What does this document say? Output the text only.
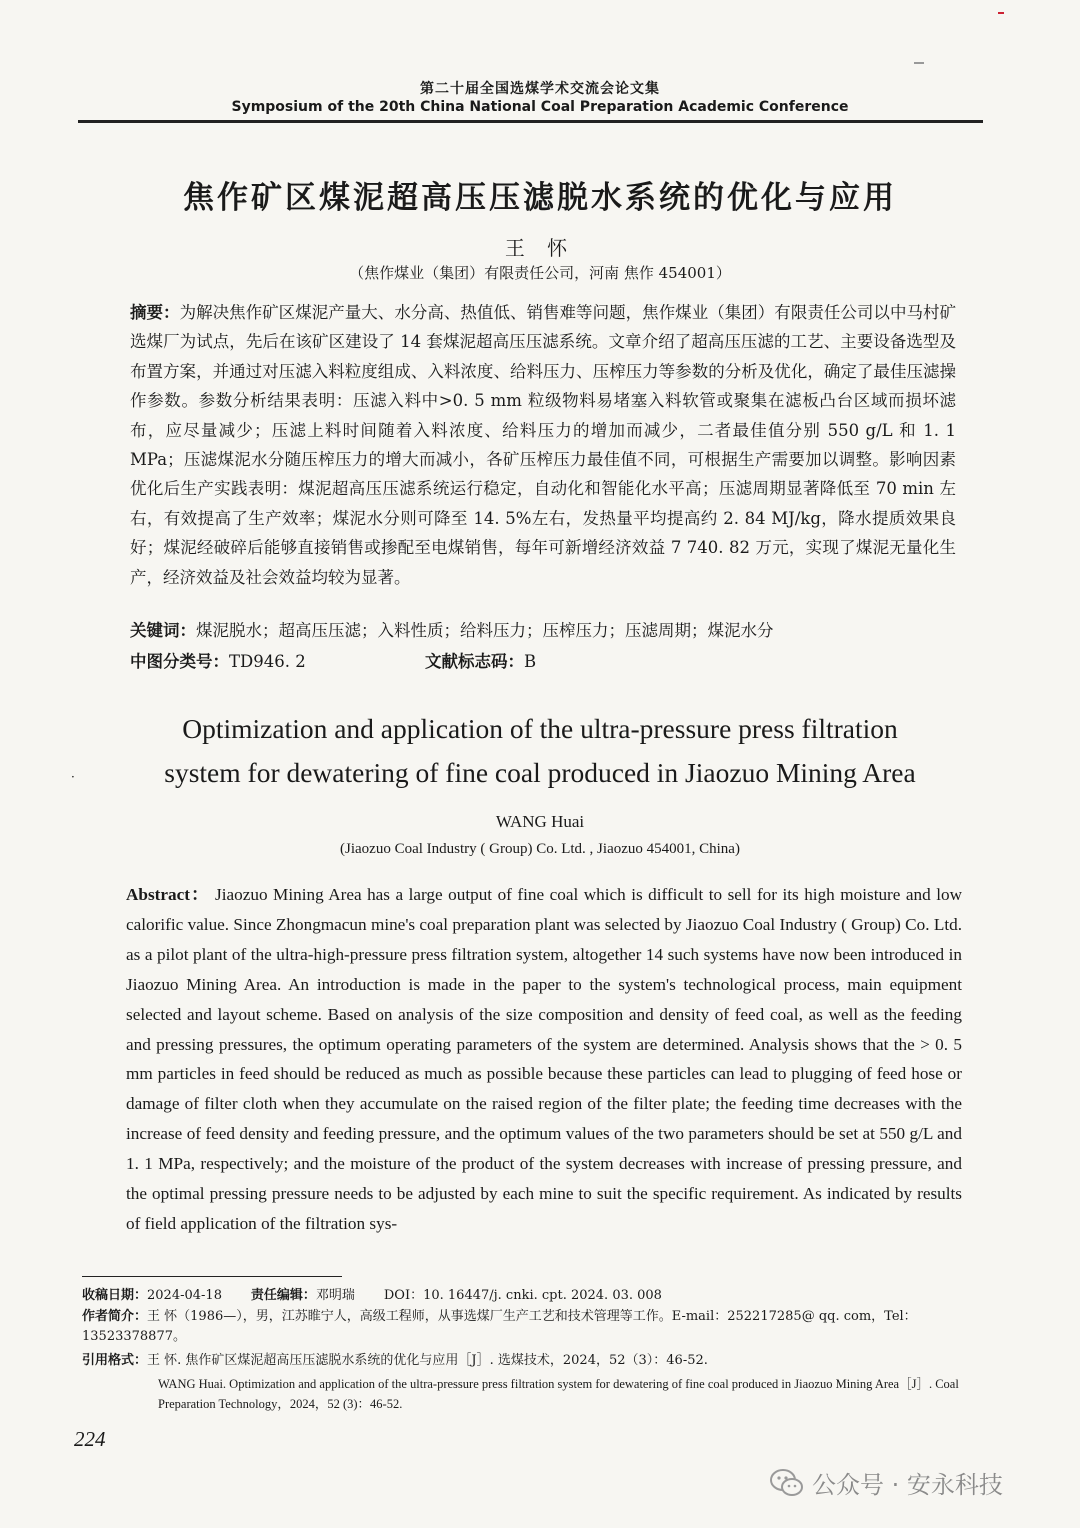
第二十届全国选煤学术交流会论文集
Symposium of the 20th China National Coal Preparation Academic Conference
焦作矿区煤泥超高压压滤脱水系统的优化与应用
王 怀
（焦作煤业（集团）有限责任公司，河南 焦作 454001）
摘要：为解决焦作矿区煤泥产量大、水分高、热值低、销售难等问题，焦作煤业（集团）有限责任公司以中马村矿选煤厂为试点，先后在该矿区建设了 14 套煤泥超高压压滤系统。文章介绍了超高压压滤的工艺、主要设备选型及布置方案，并通过对压滤入料粒度组成、入料浓度、给料压力、压榨压力等参数的分析及优化，确定了最佳压滤操作参数。参数分析结果表明：压滤入料中>0. 5 mm 粒级物料易堵塞入料软管或聚集在滤板凸台区域而损坏滤布，应尽量减少；压滤上料时间随着入料浓度、给料压力的增加而减少，二者最佳值分别 550 g/L 和 1. 1 MPa；压滤煤泥水分随压榨压力的增大而减小，各矿压榨压力最佳值不同，可根据生产需要加以调整。影响因素优化后生产实践表明：煤泥超高压压滤系统运行稳定，自动化和智能化水平高；压滤周期显著降低至 70 min 左右，有效提高了生产效率；煤泥水分则可降至 14. 5%左右，发热量平均提高约 2. 84 MJ/kg，降水提质效果良好；煤泥经破碎后能够直接销售或掺配至电煤销售，每年可新增经济效益 7 740. 82 万元，实现了煤泥无量化生产，经济效益及社会效益均较为显著。
关键词：煤泥脱水；超高压压滤；入料性质；给料压力；压榨压力；压滤周期；煤泥水分
中图分类号：TD946. 2	文献标志码：B
Optimization and application of the ultra-pressure press filtration
system for dewatering of fine coal produced in Jiaozuo Mining Area
·
WANG Huai
(Jiaozuo Coal Industry ( Group) Co. Ltd. , Jiaozuo 454001, China)
Abstract： Jiaozuo Mining Area has a large output of fine coal which is difficult to sell for its high moisture and low calorific value. Since Zhongmacun mine's coal preparation plant was selected by Jiaozuo Coal Industry ( Group) Co. Ltd. as a pilot plant of the ultra-high-pressure press filtration system, altogether 14 such systems have now been introduced in Jiaozuo Mining Area. An introduction is made in the paper to the system's technological process, main equipment selected and layout scheme. Based on analysis of the size composition and density of feed coal, as well as the feeding and pressing pressures, the optimum operating parameters of the system are determined. Analysis shows that the > 0. 5 mm particles in feed should be reduced as much as possible because these particles can lead to plugging of feed hose or damage of filter cloth when they accumulate on the raised region of the filter plate; the feeding time decreases with the increase of feed density and feeding pressure, and the optimum values of the two parameters should be set at 550 g/L and 1. 1 MPa, respectively; and the moisture of the product of the system decreases with increase of pressing pressure, and the optimal pressing pressure needs to be adjusted by each mine to suit the specific requirement. As indicated by results of field application of the filtration sys-
收稿日期：2024-04-18 责任编辑：邓明瑞 DOI：10. 16447/j. cnki. cpt. 2024. 03. 008
作者简介：王 怀（1986—），男，江苏睢宁人，高级工程师，从事选煤厂生产工艺和技术管理等工作。E-mail：252217285@ qq. com，Tel：13523378877。
引用格式：王 怀. 焦作矿区煤泥超高压压滤脱水系统的优化与应用［J］. 选煤技术，2024，52（3）：46-52.
WANG Huai. Optimization and application of the ultra-pressure press filtration system for dewatering of fine coal produced in Jiaozuo Mining Area［J］. Coal Preparation Technology，2024，52 (3)：46-52.
224
公众号 · 安永科技
